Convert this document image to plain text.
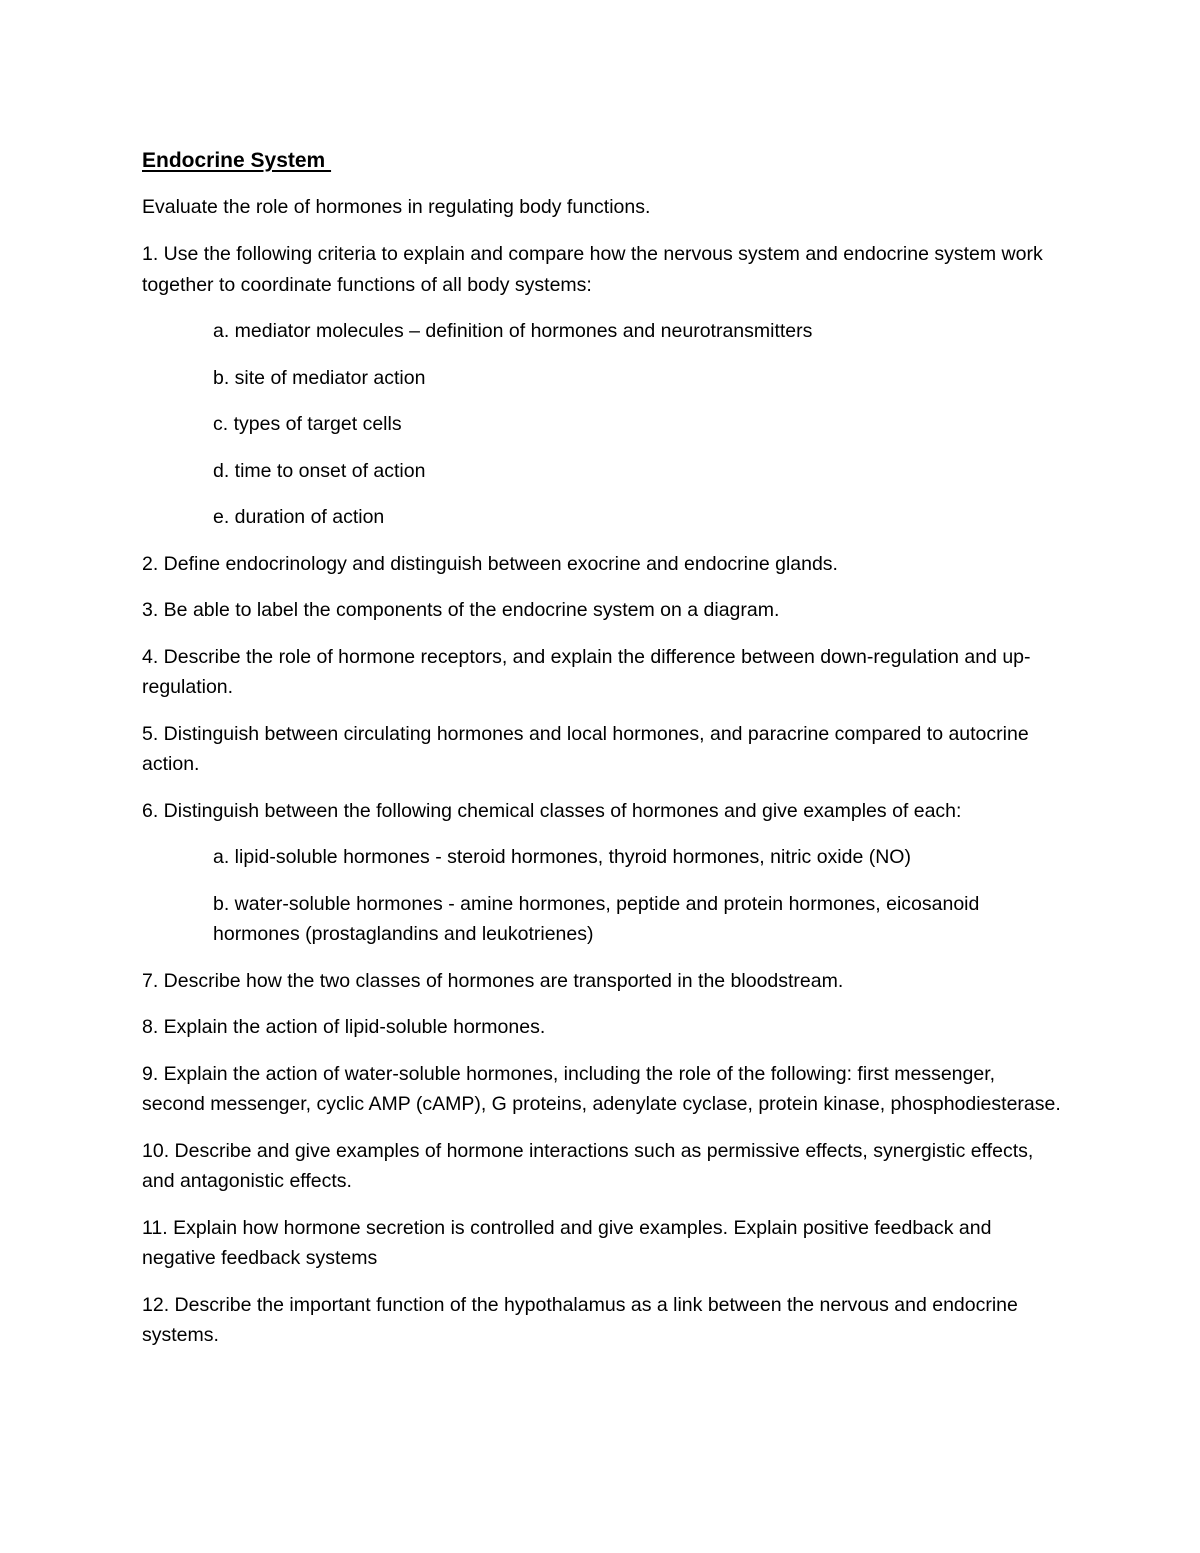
Endocrine System
Evaluate the role of hormones in regulating body functions.
1. Use the following criteria to explain and compare how the nervous system and endocrine system work together to coordinate functions of all body systems:
a. mediator molecules – definition of hormones and neurotransmitters
b. site of mediator action
c. types of target cells
d. time to onset of action
e. duration of action
2. Define endocrinology and distinguish between exocrine and endocrine glands.
3. Be able to label the components of the endocrine system on a diagram.
4. Describe the role of hormone receptors, and explain the difference between down-regulation and up-regulation.
5. Distinguish between circulating hormones and local hormones, and paracrine compared to autocrine action.
6. Distinguish between the following chemical classes of hormones and give examples of each:
a. lipid-soluble hormones - steroid hormones, thyroid hormones, nitric oxide (NO)
b. water-soluble hormones - amine hormones, peptide and protein hormones, eicosanoid hormones (prostaglandins and leukotrienes)
7. Describe how the two classes of hormones are transported in the bloodstream.
8. Explain the action of lipid-soluble hormones.
9. Explain the action of water-soluble hormones, including the role of the following: first messenger, second messenger, cyclic AMP (cAMP), G proteins, adenylate cyclase, protein kinase, phosphodiesterase.
10. Describe and give examples of hormone interactions such as permissive effects, synergistic effects, and antagonistic effects.
11. Explain how hormone secretion is controlled and give examples. Explain positive feedback and negative feedback systems
12. Describe the important function of the hypothalamus as a link between the nervous and endocrine systems.
